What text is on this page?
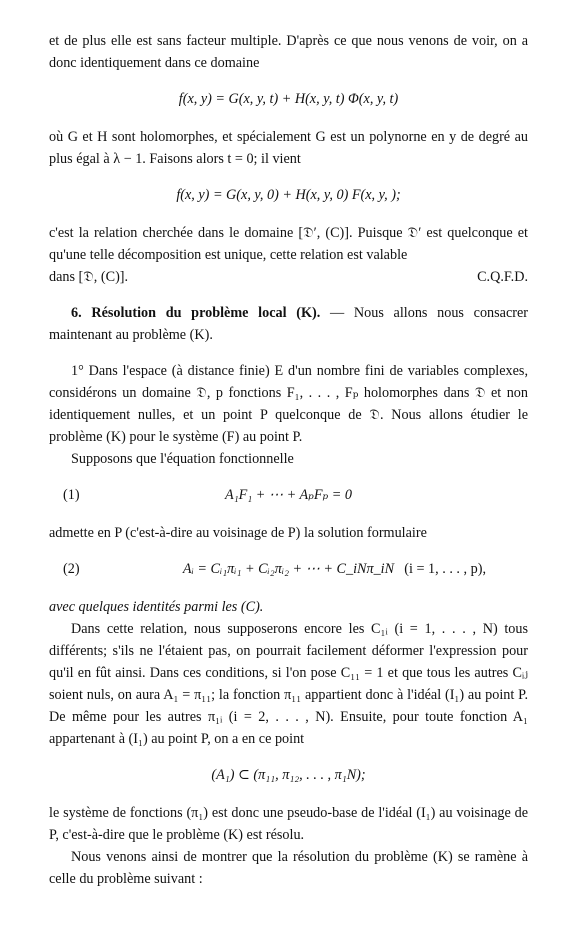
et de plus elle est sans facteur multiple. D'après ce que nous venons de voir, on a donc identiquement dans ce domaine

f(x, y) = G(x, y, t) + H(x, y, t) Φ(x, y, t)

où G et H sont holomorphes, et spécialement G est un polynorne en y de degré au plus égal à λ − 1. Faisons alors t = 0; il vient

f(x, y) = G(x, y, 0) + H(x, y, 0) F(x, y, );

c'est la relation cherchée dans le domaine [𝔇′, (C)]. Puisque 𝔇′ est quelconque et qu'une telle décomposition est unique, cette relation est valable

dans [𝔇, (C)].	C.Q.F.D.

6. Résolution du problème local (K). — Nous allons nous consacrer maintenant au problème (K).

1° Dans l'espace (à distance finie) E d'un nombre fini de variables complexes, considérons un domaine 𝔇, p fonctions F₁, . . . , Fₚ holomorphes dans 𝔇 et non identiquement nulles, et un point P quelconque de 𝔇. Nous allons étudier le problème (K) pour le système (F) au point P.

Supposons que l'équation fonctionnelle

(1)	A₁F₁ + ⋯ + AₚFₚ = 0

admette en P (c'est-à-dire au voisinage de P) la solution formulaire

(2)	Aᵢ = Cᵢ₁πᵢ₁ + Cᵢ₂πᵢ₂ + ⋯ + C_iNπ_iN (i = 1, . . . , p),

avec quelques identités parmi les (C).

Dans cette relation, nous supposerons encore les C₁ᵢ (i = 1, . . . , N) tous différents; s'ils ne l'étaient pas, on pourrait facilement déformer l'expression pour qu'il en fût ainsi. Dans ces conditions, si l'on pose C₁₁ = 1 et que tous les autres Cᵢⱼ soient nuls, on aura A₁ = π₁₁; la fonction π₁₁ appartient donc à l'idéal (I₁) au point P. De même pour les autres π₁ᵢ (i = 2, . . . , N). Ensuite, pour toute fonction A₁ appartenant à (I₁) au point P, on a en ce point

(A₁) ⊂ (π₁₁, π₁₂, . . . , π₁N);

le système de fonctions (π₁) est donc une pseudo-base de l'idéal (I₁) au voisinage de P, c'est-à-dire que le problème (K) est résolu.

Nous venons ainsi de montrer que la résolution du problème (K) se ramène à celle du problème suivant :
